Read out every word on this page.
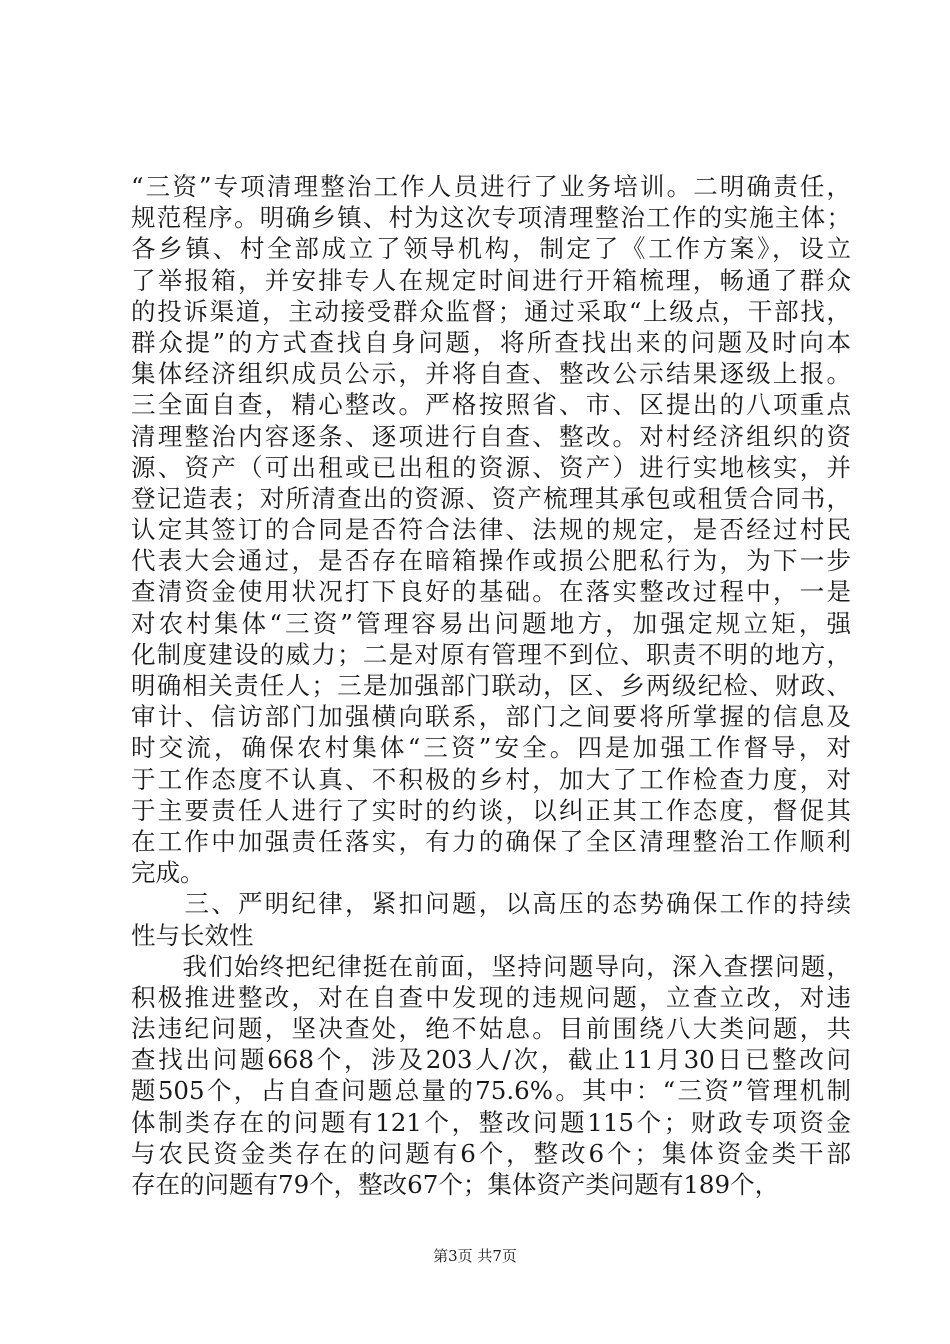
“三资”专项清理整治工作人员进行了业务培训。二明确责任，
规范程序。明确乡镇、村为这次专项清理整治工作的实施主体；
各乡镇、村全部成立了领导机构，制定了《工作方案》，设立
了举报箱，并安排专人在规定时间进行开箱梳理，畅通了群众
的投诉渠道，主动接受群众监督；通过采取“上级点，干部找，
群众提”的方式查找自身问题，将所查找出来的问题及时向本
集体经济组织成员公示，并将自查、整改公示结果逐级上报。
三全面自查，精心整改。严格按照省、市、区提出的八项重点
清理整治内容逐条、逐项进行自查、整改。对村经济组织的资
源、资产（可出租或已出租的资源、资产）进行实地核实，并
登记造表；对所清查出的资源、资产梳理其承包或租赁合同书，
认定其签订的合同是否符合法律、法规的规定，是否经过村民
代表大会通过，是否存在暗箱操作或损公肥私行为，为下一步
查清资金使用状况打下良好的基础。在落实整改过程中，一是
对农村集体“三资”管理容易出问题地方，加强定规立矩，强
化制度建设的威力；二是对原有管理不到位、职责不明的地方，
明确相关责任人；三是加强部门联动，区、乡两级纪检、财政、
审计、信访部门加强横向联系，部门之间要将所掌握的信息及
时交流，确保农村集体“三资”安全。四是加强工作督导，对
于工作态度不认真、不积极的乡村，加大了工作检查力度，对
于主要责任人进行了实时的约谈，以纠正其工作态度，督促其
在工作中加强责任落实，有力的确保了全区清理整治工作顺利
完成。
　　三、严明纪律，紧扣问题，以高压的态势确保工作的持续
性与长效性
　　我们始终把纪律挺在前面，坚持问题导向，深入查摆问题，
积极推进整改，对在自查中发现的违规问题，立查立改，对违
法违纪问题，坚决查处，绝不姑息。目前围绕八大类问题，共
查找出问题668个，涉及203人/次，截止11月30日已整改问
题505个，占自查问题总量的75.6%。其中：“三资”管理机制
体制类存在的问题有121个，整改问题115个；财政专项资金
与农民资金类存在的问题有6个，整改6个；集体资金类干部
存在的问题有79个，整改67个；集体资产类问题有189个，
第3页 共7页
